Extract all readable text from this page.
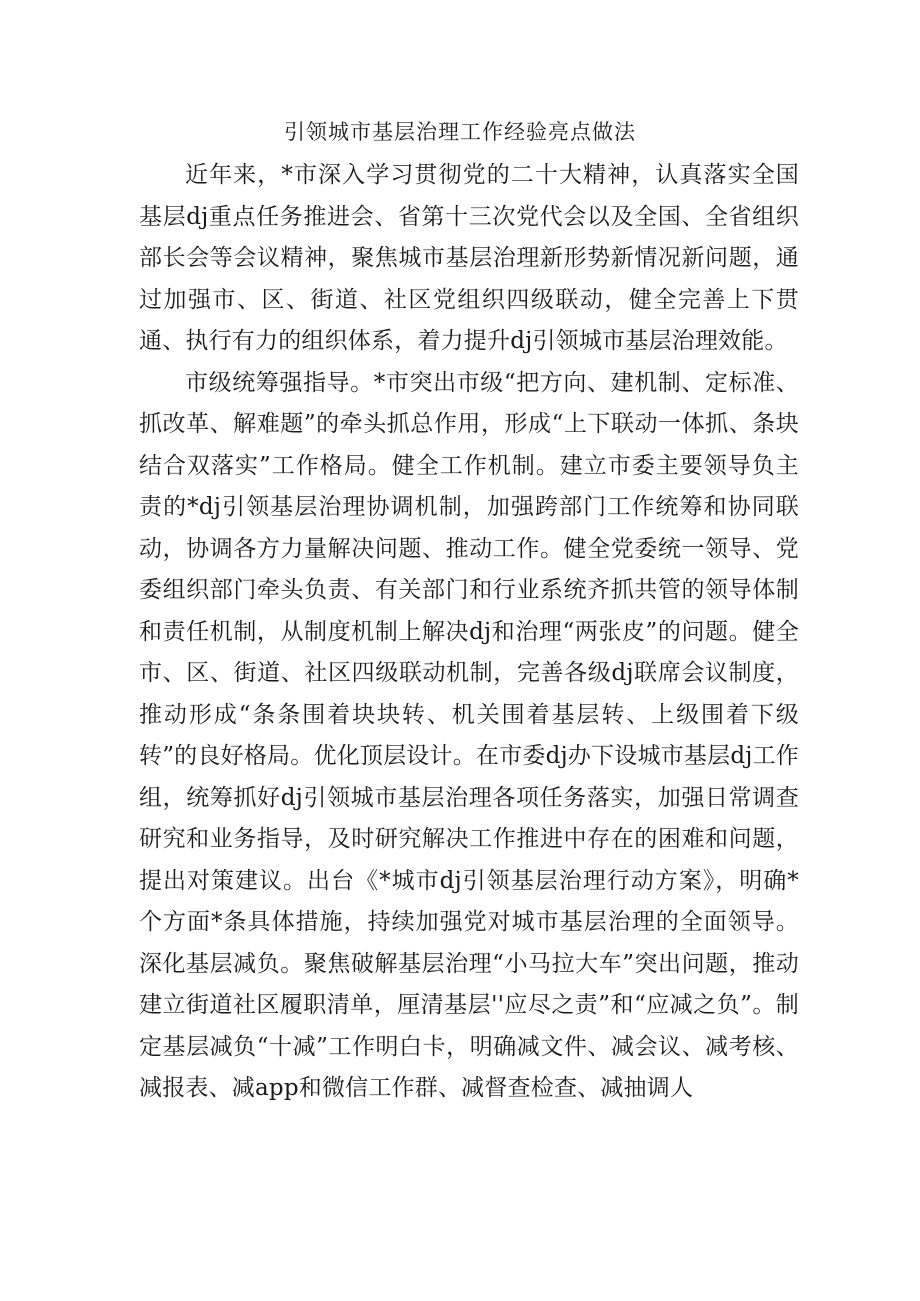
引领城市基层治理工作经验亮点做法

近年来，*市深入学习贯彻党的二十大精神，认真落实全国基层dj重点任务推进会、省第十三次党代会以及全国、全省组织部长会等会议精神，聚焦城市基层治理新形势新情况新问题，通过加强市、区、街道、社区党组织四级联动，健全完善上下贯通、执行有力的组织体系，着力提升dj引领城市基层治理效能。

市级统筹强指导。*市突出市级“把方向、建机制、定标准、抓改革、解难题”的牵头抓总作用，形成“上下联动一体抓、条块结合双落实”工作格局。健全工作机制。建立市委主要领导负主责的*dj引领基层治理协调机制，加强跨部门工作统筹和协同联动，协调各方力量解决问题、推动工作。健全党委统一领导、党委组织部门牵头负责、有关部门和行业系统齐抓共管的领导体制和责任机制，从制度机制上解决dj和治理“两张皮”的问题。健全市、区、街道、社区四级联动机制，完善各级dj联席会议制度，推动形成“条条围着块块转、机关围着基层转、上级围着下级转”的良好格局。优化顶层设计。在市委dj办下设城市基层dj工作组，统筹抓好dj引领城市基层治理各项任务落实，加强日常调查研究和业务指导，及时研究解决工作推进中存在的困难和问题，提出对策建议。出台《*城市dj引领基层治理行动方案》，明确*个方面*条具体措施，持续加强党对城市基层治理的全面领导。深化基层减负。聚焦破解基层治理“小马拉大车”突出问题，推动建立街道社区履职清单，厘清基层''应尽之责”和“应减之负”。制定基层减负“十减”工作明白卡，明确减文件、减会议、减考核、减报表、减app和微信工作群、减督查检查、减抽调人
